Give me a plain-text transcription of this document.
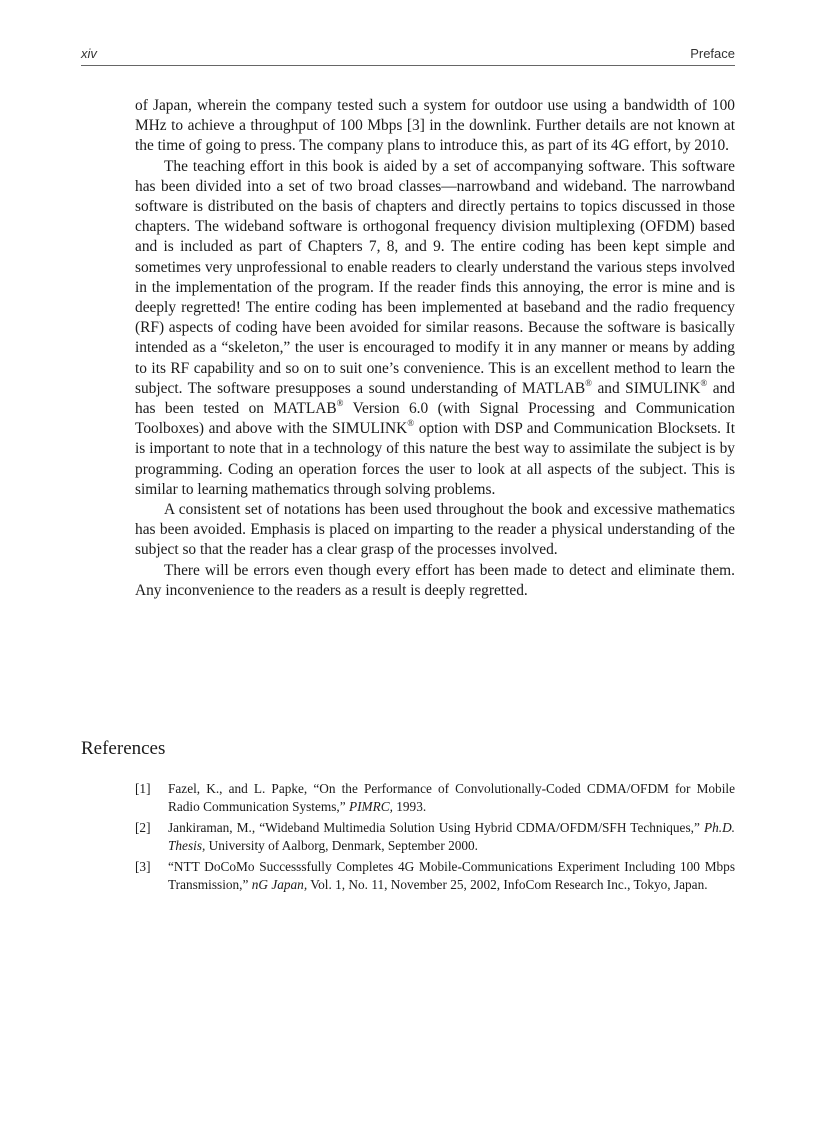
xiv	Preface

of Japan, wherein the company tested such a system for outdoor use using a bandwidth of 100 MHz to achieve a throughput of 100 Mbps [3] in the downlink. Further details are not known at the time of going to press. The company plans to introduce this, as part of its 4G effort, by 2010.

The teaching effort in this book is aided by a set of accompanying software. This software has been divided into a set of two broad classes—narrowband and wideband. The narrowband software is distributed on the basis of chapters and directly pertains to topics discussed in those chapters. The wideband software is orthogonal frequency division multiplexing (OFDM) based and is included as part of Chapters 7, 8, and 9. The entire coding has been kept simple and sometimes very unprofessional to enable readers to clearly understand the various steps involved in the implementation of the program. If the reader finds this annoying, the error is mine and is deeply regretted! The entire coding has been implemented at baseband and the radio frequency (RF) aspects of coding have been avoided for similar reasons. Because the software is basically intended as a “skeleton,” the user is encouraged to modify it in any manner or means by adding to its RF capability and so on to suit one’s convenience. This is an excellent method to learn the subject. The software presupposes a sound understanding of MATLAB® and SIMULINK® and has been tested on MATLAB® Version 6.0 (with Signal Processing and Communication Toolboxes) and above with the SIMULINK® option with DSP and Communication Blocksets. It is important to note that in a technology of this nature the best way to assimilate the subject is by programming. Coding an operation forces the user to look at all aspects of the subject. This is similar to learning mathematics through solving problems.

A consistent set of notations has been used throughout the book and excessive mathematics has been avoided. Emphasis is placed on imparting to the reader a physical understanding of the subject so that the reader has a clear grasp of the processes involved.

There will be errors even though every effort has been made to detect and eliminate them. Any inconvenience to the readers as a result is deeply regretted.

References
[1] Fazel, K., and L. Papke, “On the Performance of Convolutionally-Coded CDMA/OFDM for Mobile Radio Communication Systems,” PIMRC, 1993.
[2] Jankiraman, M., “Wideband Multimedia Solution Using Hybrid CDMA/OFDM/SFH Techniques,” Ph.D. Thesis, University of Aalborg, Denmark, September 2000.
[3] “NTT DoCoMo Successsfully Completes 4G Mobile-Communications Experiment Including 100 Mbps Transmission,” nG Japan, Vol. 1, No. 11, November 25, 2002, InfoCom Research Inc., Tokyo, Japan.
